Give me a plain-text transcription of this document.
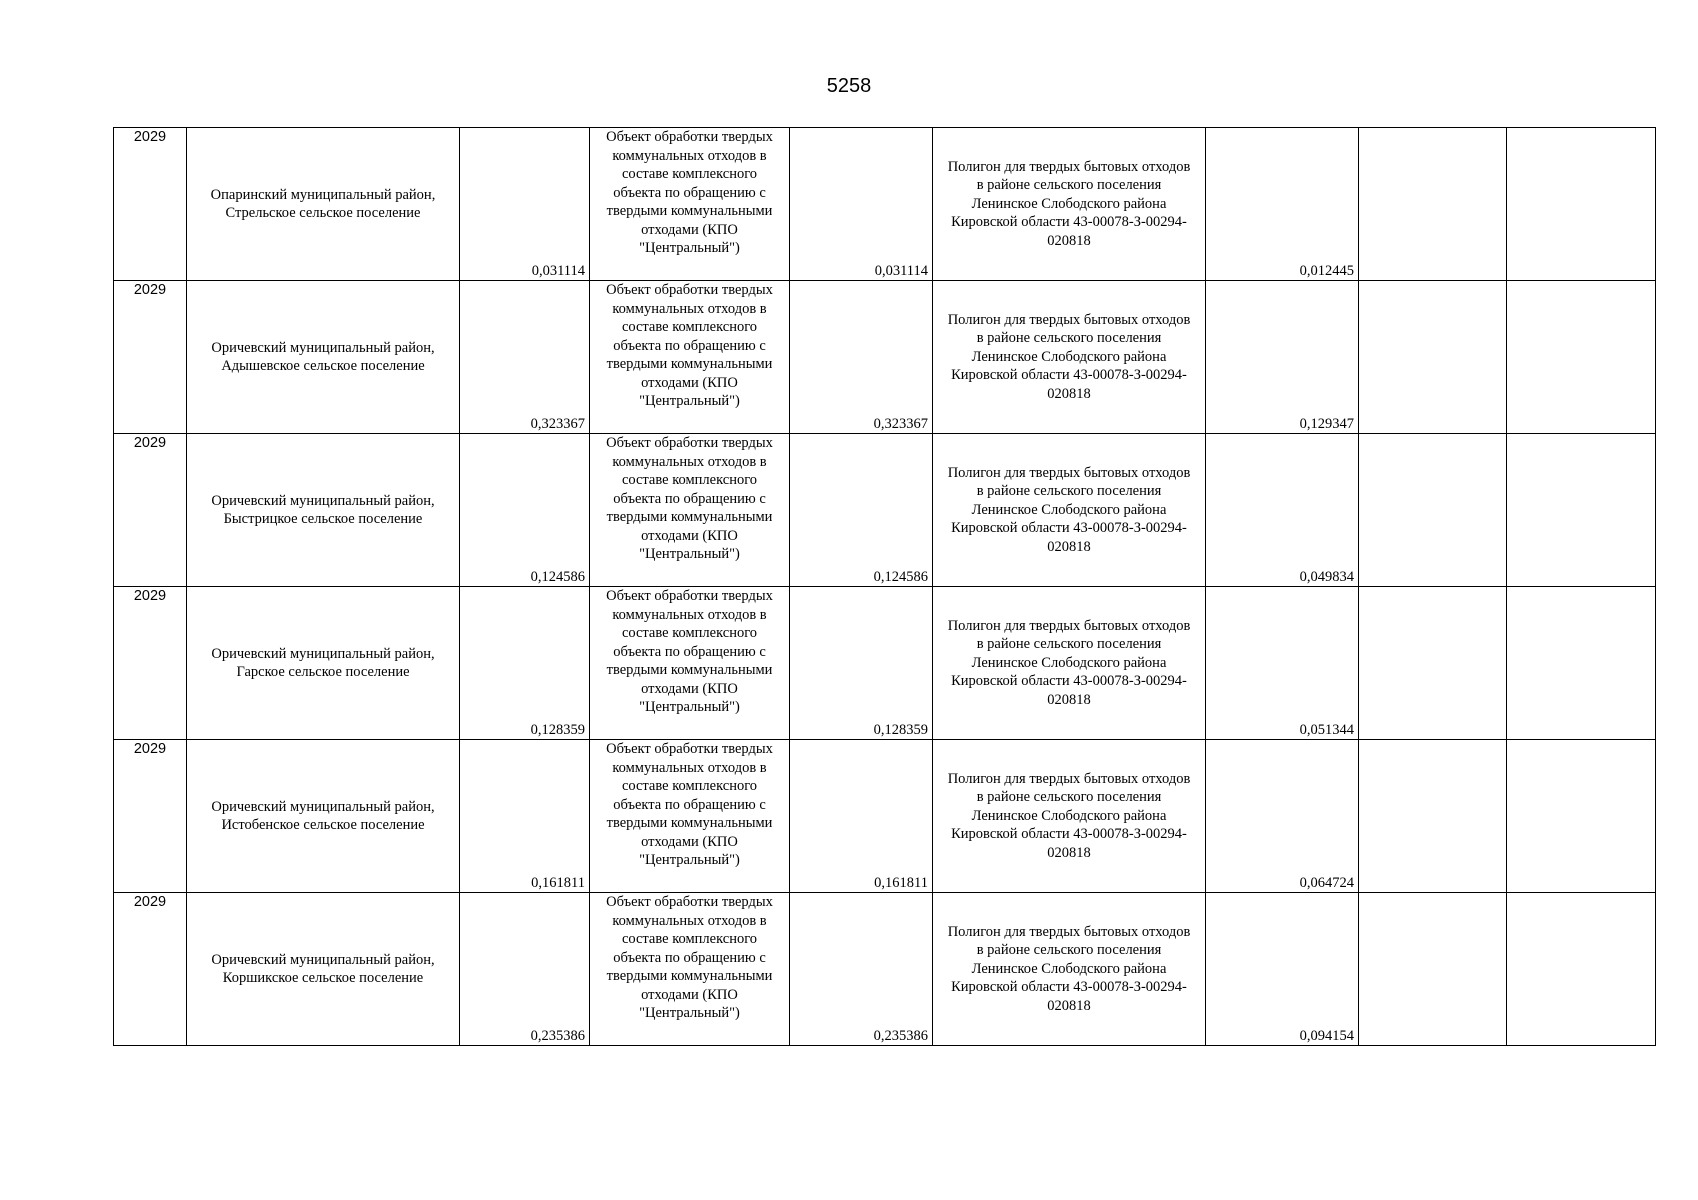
5258
2029	Опаринский муниципальный район, Стрельское сельское поселение	0,031114	Объект обработки твердых коммунальных отходов в составе комплексного объекта по обращению с твердыми коммунальными отходами (КПО "Центральный")	0,031114	Полигон для твердых бытовых отходов в районе сельского поселения Ленинское Слободского района Кировской области 43-00078-З-00294-020818	0,012445		
2029	Оричевский муниципальный район, Адышевское сельское поселение	0,323367	Объект обработки твердых коммунальных отходов в составе комплексного объекта по обращению с твердыми коммунальными отходами (КПО "Центральный")	0,323367	Полигон для твердых бытовых отходов в районе сельского поселения Ленинское Слободского района Кировской области 43-00078-З-00294-020818	0,129347		
2029	Оричевский муниципальный район, Быстрицкое сельское поселение	0,124586	Объект обработки твердых коммунальных отходов в составе комплексного объекта по обращению с твердыми коммунальными отходами (КПО "Центральный")	0,124586	Полигон для твердых бытовых отходов в районе сельского поселения Ленинское Слободского района Кировской области 43-00078-З-00294-020818	0,049834		
2029	Оричевский муниципальный район, Гарское сельское поселение	0,128359	Объект обработки твердых коммунальных отходов в составе комплексного объекта по обращению с твердыми коммунальными отходами (КПО "Центральный")	0,128359	Полигон для твердых бытовых отходов в районе сельского поселения Ленинское Слободского района Кировской области 43-00078-З-00294-020818	0,051344		
2029	Оричевский муниципальный район, Истобенское сельское поселение	0,161811	Объект обработки твердых коммунальных отходов в составе комплексного объекта по обращению с твердыми коммунальными отходами (КПО "Центральный")	0,161811	Полигон для твердых бытовых отходов в районе сельского поселения Ленинское Слободского района Кировской области 43-00078-З-00294-020818	0,064724		
2029	Оричевский муниципальный район, Коршикское сельское поселение	0,235386	Объект обработки твердых коммунальных отходов в составе комплексного объекта по обращению с твердыми коммунальными отходами (КПО "Центральный")	0,235386	Полигон для твердых бытовых отходов в районе сельского поселения Ленинское Слободского района Кировской области 43-00078-З-00294-020818	0,094154		
